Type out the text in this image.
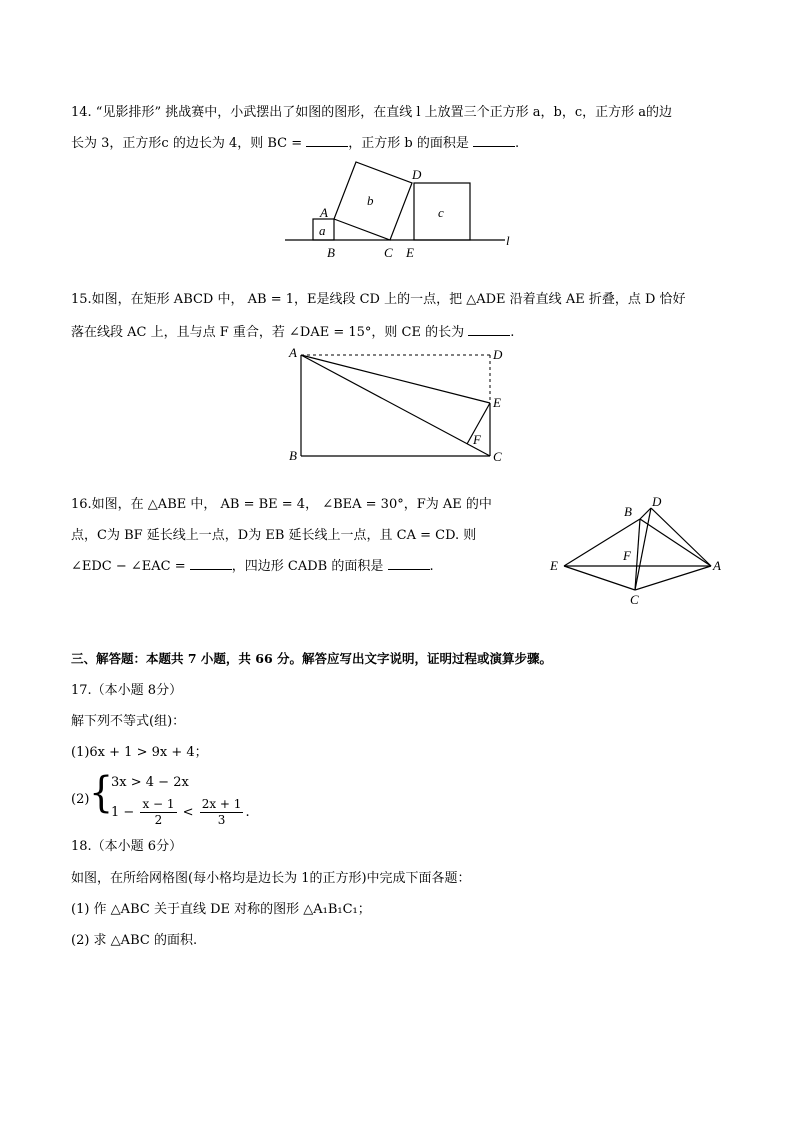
14. “见影排形” 挑战赛中，小武摆出了如图的图形，在直线 l 上放置三个正方形 a，b，c，正方形 a的边
长为 3，正方形c 的边长为 4，则 BC =	，正方形 b 的面积是	.
a
b
c
A
B	C
D
E
l
15.如图，在矩形 ABCD 中， AB = 1，E是线段 CD 上的一点，把 △ADE 沿着直线 AE 折叠，点 D 恰好
落在线段 AC 上，且与点 F 重合，若 ∠DAE = 15°，则 CE 的长为	.
A
B	C
D
E
F
16.如图，在 △ABE 中， AB = BE = 4， ∠BEA = 30°，F为 AE 的中
点，C为 BF 延长线上一点，D为 EB 延长线上一点，且 CA = CD. 则
∠EDC − ∠EAC =	，四边形 CADB 的面积是	.	E	A
B
D
F
C
三、解答题：本题共 7 小题，共 66 分。解答应写出文字说明，证明过程或演算步骤。
17.（本小题 8分）
解下列不等式(组)：
(1)6x + 1 > 9x + 4；
(2) {
3x > 4 − 2x
$1 - \frac{x - 1}{2} < \frac{2x + 1}{3}$ .
18.（本小题 6分）
如图，在所给网格图(每小格均是边长为 1的正方形)中完成下面各题：
(1) 作 △ABC 关于直线 DE 对称的图形 △A₁B₁C₁；
(2) 求 △ABC 的面积.
